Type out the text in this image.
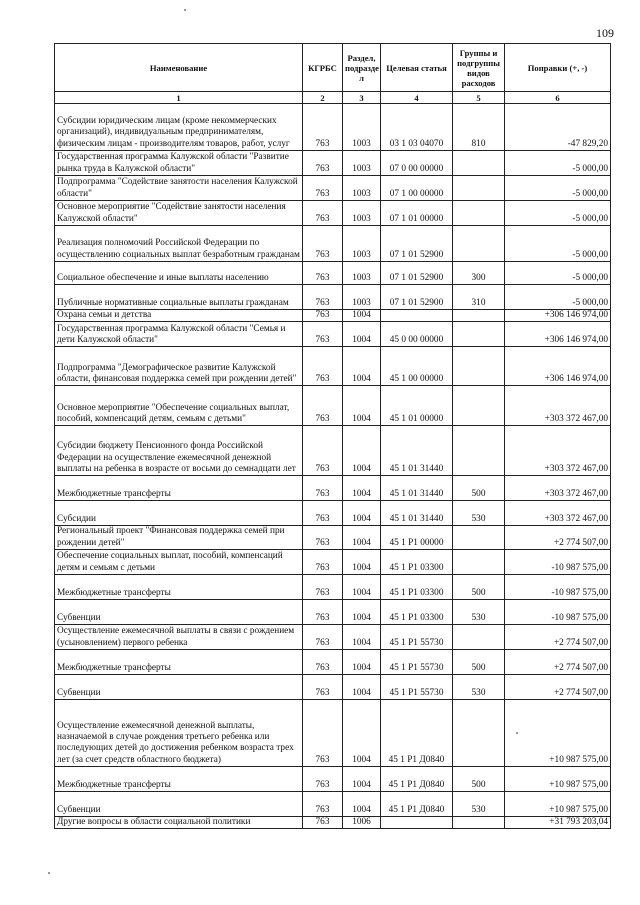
109
Наименование	КГРБС	Раздел, подразде л	Целевая статья	Группы и подгруппы видов расходов	Поправки (+, -)
1	2	3	4	5	6
Субсидии юридическим лицам (кроме некоммерческих организаций), индивидуальным предпринимателям, физическим лицам - производителям товаров, работ, услуг	763	1003	03 1 03 04070	810	-47 829,20
Государственная программа Калужской области "Развитие рынка труда в Калужской области"	763	1003	07 0 00 00000		-5 000,00
Подпрограмма "Содействие занятости населения Калужской области"	763	1003	07 1 00 00000		-5 000,00
Основное мероприятие "Содействие занятости населения Калужской области"	763	1003	07 1 01 00000		-5 000,00
Реализация полномочий Российской Федерации по осуществлению социальных выплат безработным гражданам	763	1003	07 1 01 52900		-5 000,00
Социальное обеспечение и иные выплаты населению	763	1003	07 1 01 52900	300	-5 000,00
Публичные нормативные социальные выплаты гражданам	763	1003	07 1 01 52900	310	-5 000,00
Охрана семьи и детства	763	1004			+306 146 974,00
Государственная программа Калужской области "Семья и дети Калужской области"	763	1004	45 0 00 00000		+306 146 974,00
Подпрограмма "Демографическое развитие Калужской области, финансовая поддержка семей при рождении детей"	763	1004	45 1 00 00000		+306 146 974,00
Основное мероприятие "Обеспечение социальных выплат, пособий, компенсаций детям, семьям с детьми"	763	1004	45 1 01 00000		+303 372 467,00
Субсидии бюджету Пенсионного фонда Российской Федерации на осуществление ежемесячной денежной выплаты на ребенка в возрасте от восьми до семнадцати лет	763	1004	45 1 01 31440		+303 372 467,00
Межбюджетные трансферты	763	1004	45 1 01 31440	500	+303 372 467,00
Субсидии	763	1004	45 1 01 31440	530	+303 372 467,00
Региональный проект "Финансовая поддержка семей при рождении детей"	763	1004	45 1 P1 00000		+2 774 507,00
Обеспечение социальных выплат, пособий, компенсаций детям и семьям с детьми	763	1004	45 1 P1 03300		-10 987 575,00
Межбюджетные трансферты	763	1004	45 1 P1 03300	500	-10 987 575,00
Субвенции	763	1004	45 1 P1 03300	530	-10 987 575,00
Осуществление ежемесячной выплаты в связи с рождением (усыновлением) первого ребенка	763	1004	45 1 P1 55730		+2 774 507,00
Межбюджетные трансферты	763	1004	45 1 P1 55730	500	+2 774 507,00
Субвенции	763	1004	45 1 P1 55730	530	+2 774 507,00
Осуществление ежемесячной денежной выплаты, назначаемой в случае рождения третьего ребенка или последующих детей до достижения ребенком возраста трех лет (за счет средств областного бюджета)	763	1004	45 1 P1 Д0840		+10 987 575,00
Межбюджетные трансферты	763	1004	45 1 P1 Д0840	500	+10 987 575,00
Субвенции	763	1004	45 1 P1 Д0840	530	+10 987 575,00
Другие вопросы в области социальной политики	763	1006			+31 793 203,04
